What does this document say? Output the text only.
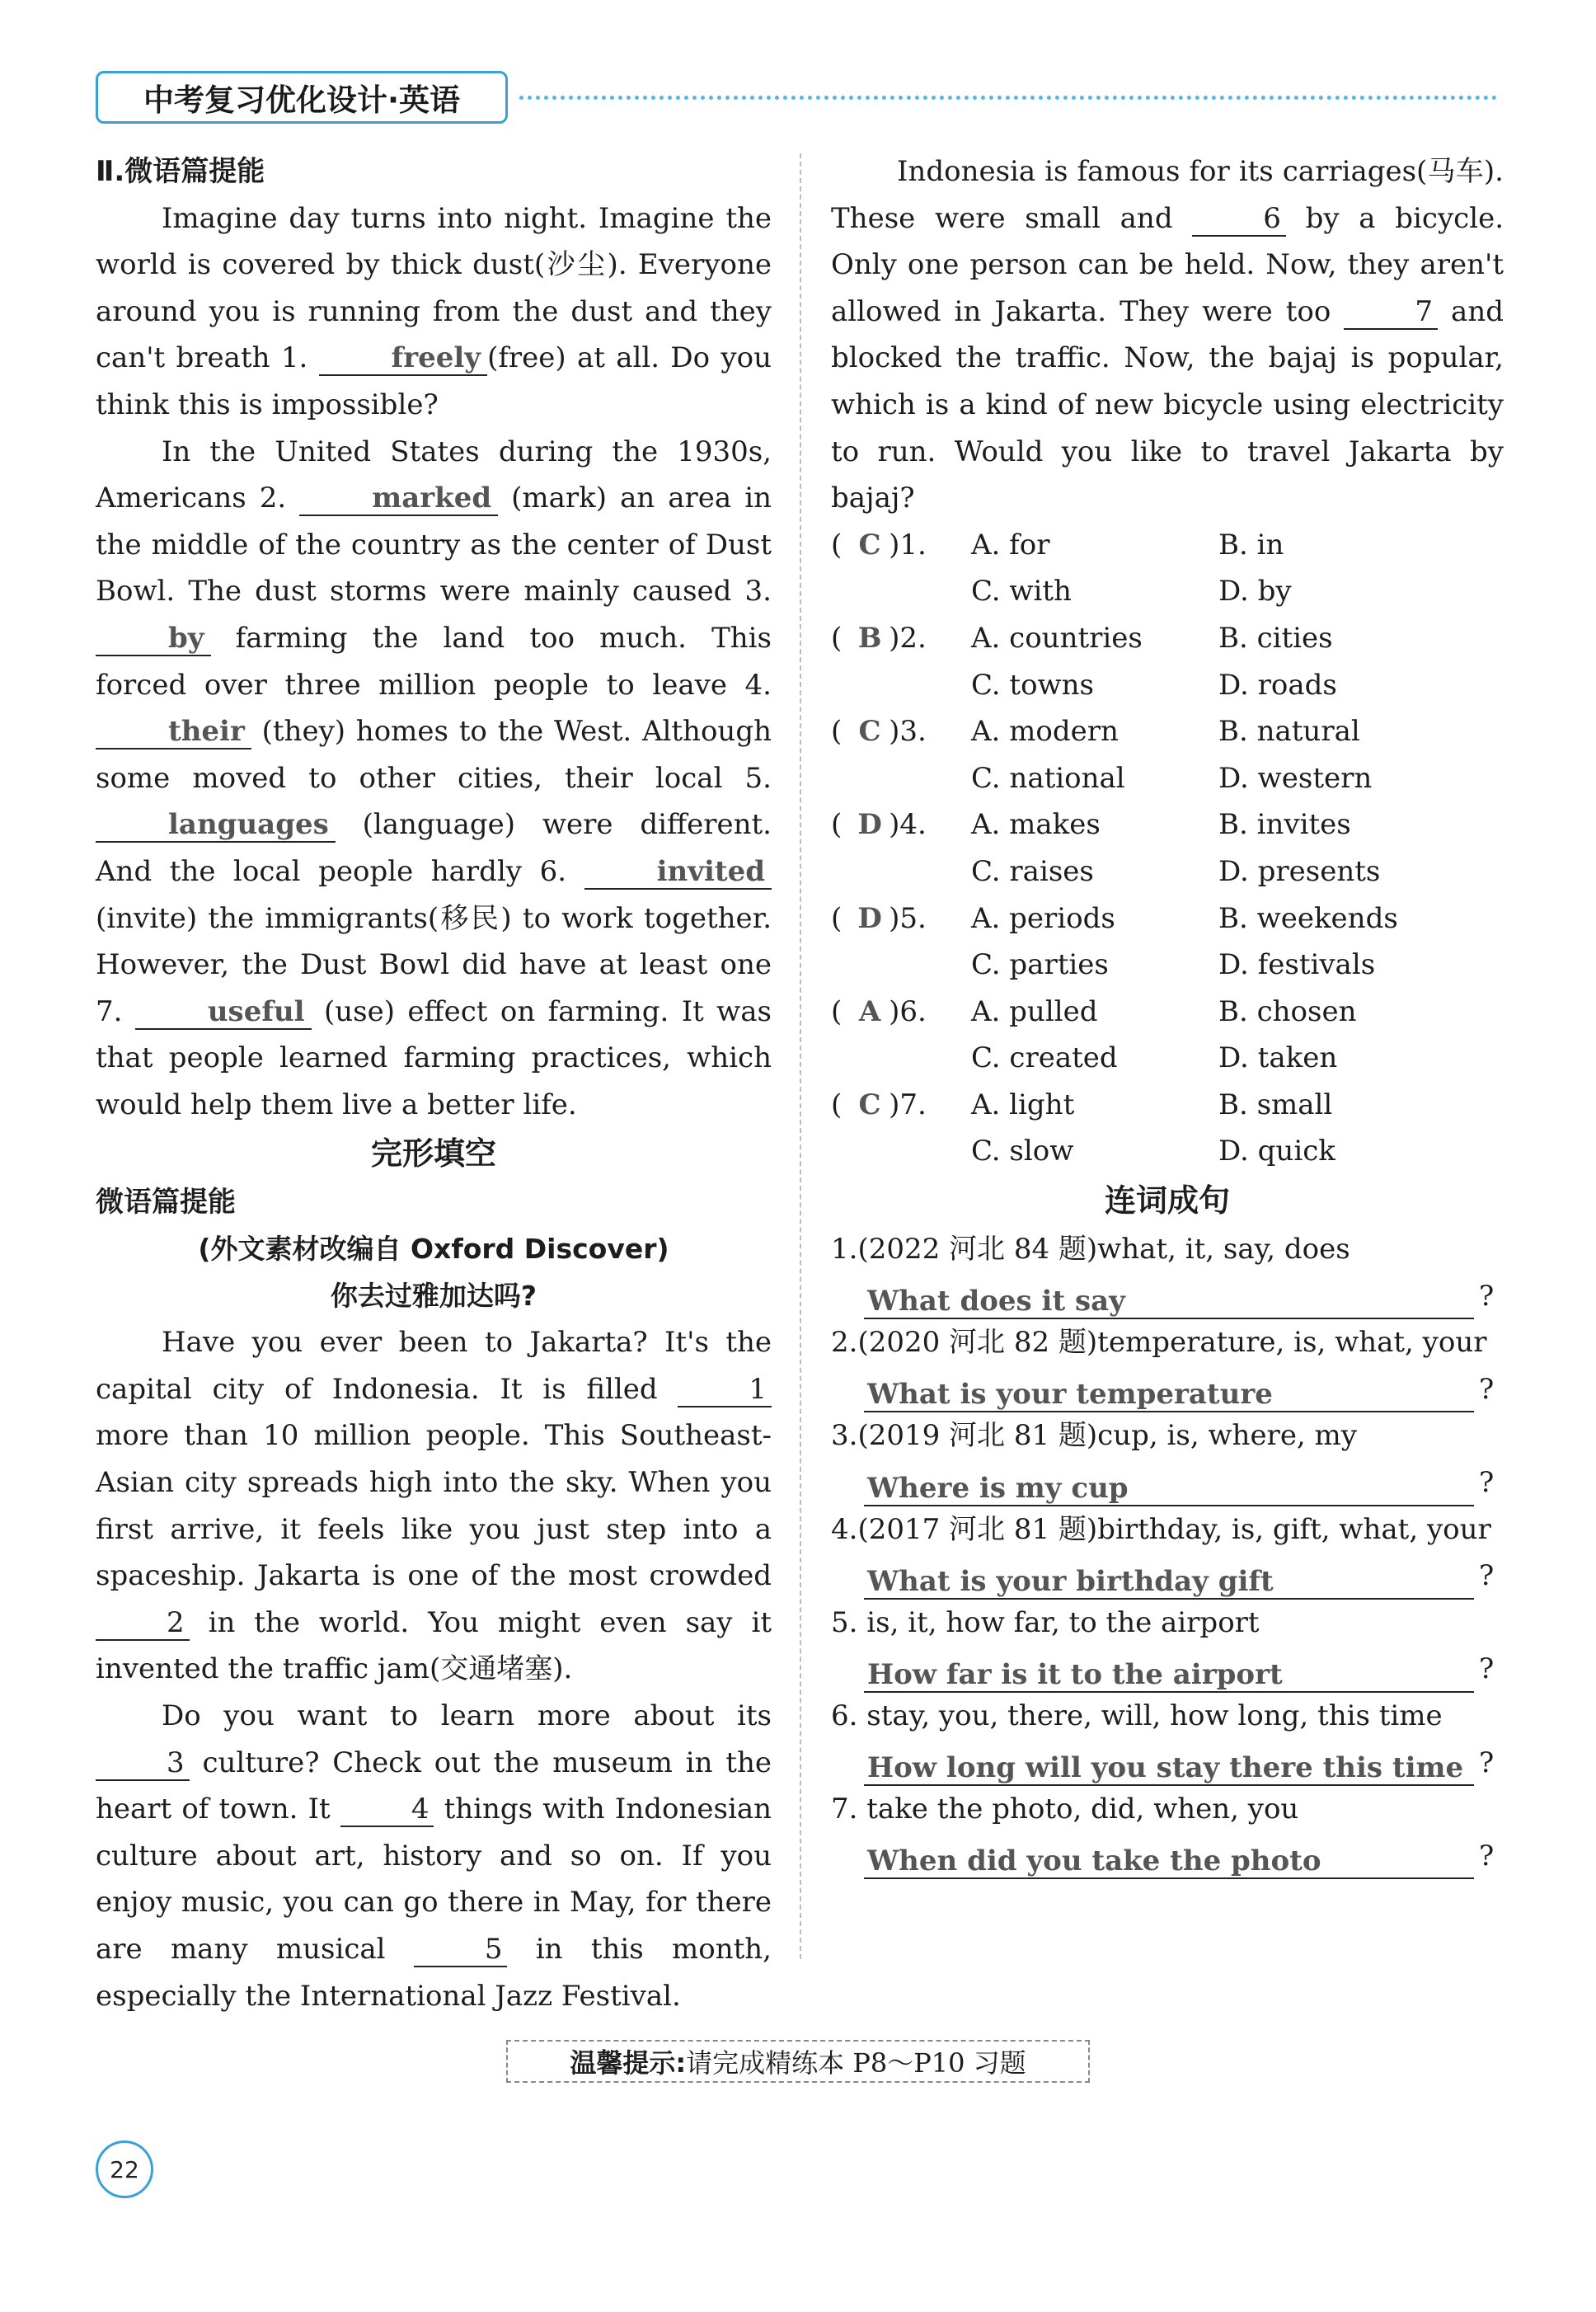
中考复习优化设计·英语
Ⅱ.微语篇提能

Imagine day turns into night. Imagine the world is covered by thick dust(沙尘). Everyone around you is running from the dust and they can't breath 1.	freely (free) at all. Do you think this is impossible?

In the United States during the 1930s, Americans 2.	marked (mark) an area in the middle of the country as the center of Dust Bowl. The dust storms were mainly caused 3. by farming the land too much. This forced over three million people to leave 4. their (they) homes to the West. Although some moved to other cities, their local 5. languages (language) were different. And the local people hardly 6.	invited (invite) the immigrants(移民) to work together. However, the Dust Bowl did have at least one 7.	useful (use) effect on farming. It was that people learned farming practices, which would help them live a better life.

完形填空
微语篇提能
(外文素材改编自 Oxford Discover)
你去过雅加达吗?

Have you ever been to Jakarta? It's the capital city of Indonesia. It is filled	1 more than 10 million people. This Southeast-Asian city spreads high into the sky. When you first arrive, it feels like you just step into a spaceship. Jakarta is one of the most crowded 2 in the world. You might even say it invented the traffic jam(交通堵塞).

Do you want to learn more about its 3 culture? Check out the museum in the heart of town. It	4 things with Indonesian culture about art, history and so on. If you enjoy music, you can go there in May, for there are many musical	5 in this month, especially the International Jazz Festival.

Indonesia is famous for its carriages(马车). These were small and	6 by a bicycle. Only one person can be held. Now, they aren't allowed in Jakarta. They were too	7 and blocked the traffic. Now, the bajaj is popular, which is a kind of new bicycle using electricity to run. Would you like to travel Jakarta by bajaj?

( C )1.	A. for	B. in
C. with	D. by
( B )2.	A. countries	B. cities
C. towns	D. roads
( C )3.	A. modern	B. natural
C. national	D. western
( D )4.	A. makes	B. invites
C. raises	D. presents
( D )5.	A. periods	B. weekends
C. parties	D. festivals
( A )6.	A. pulled	B. chosen
C. created	D. taken
( C )7.	A. light	B. small
C. slow	D. quick
连词成句

1.(2022 河北 84 题)what, it, say, does

What does it say	?

2.(2020 河北 82 题)temperature, is, what, your

What is your temperature	?

3.(2019 河北 81 题)cup, is, where, my

Where is my cup	?

4.(2017 河北 81 题)birthday, is, gift, what, your

What is your birthday gift	?

5. is, it, how far, to the airport

How far is it to the airport	?

6. stay, you, there, will, how long, this time

How long will you stay there this time ?

7. take the photo, did, when, you

When did you take the photo	?
温馨提示: 请完成精练本 P8～P10 习题
22
